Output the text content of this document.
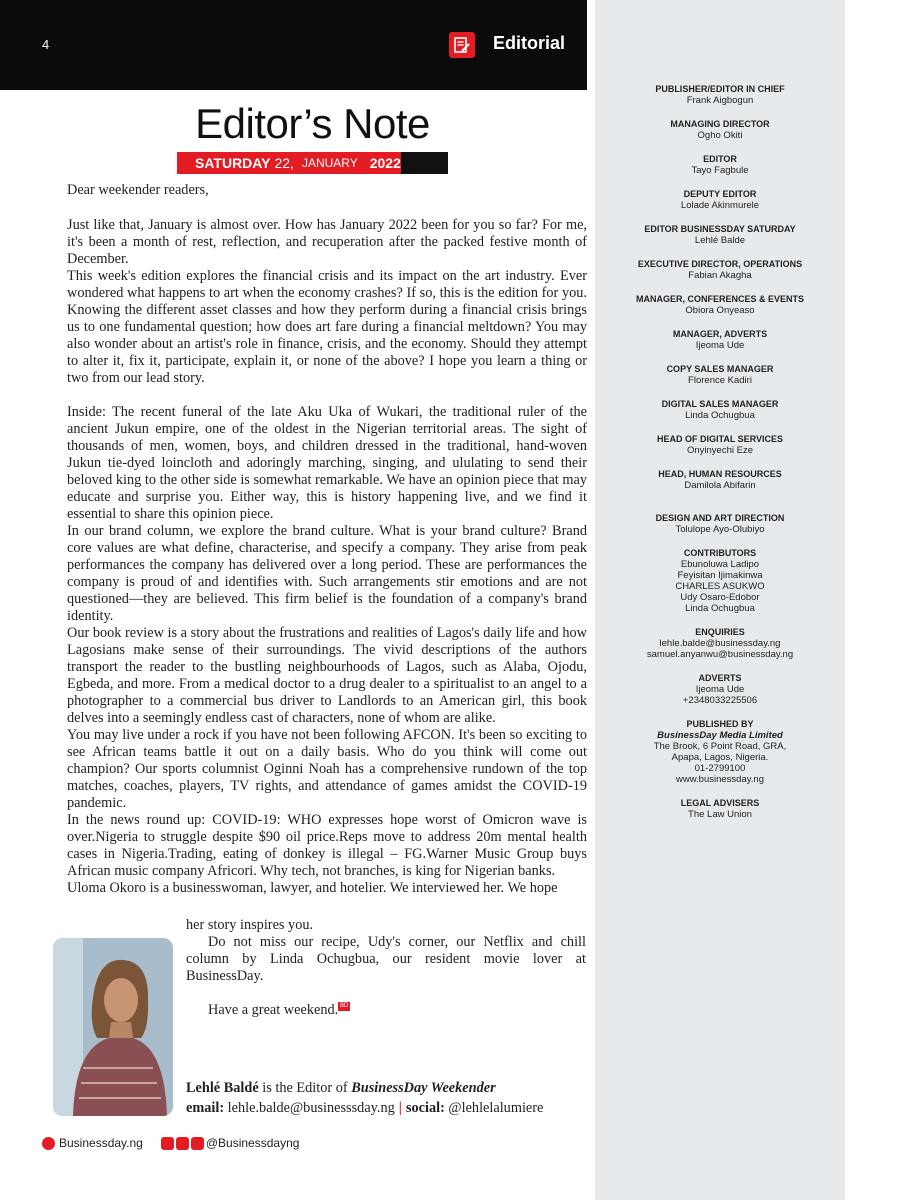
4	Editorial
Editor’s Note
SATURDAY 22, JANUARY 2022

Dear weekender readers,

Just like that, January is almost over. How has January 2022 been for you so far? For me, it's been a month of rest, reflection, and recuperation after the packed festive month of December.

This week's edition explores the financial crisis and its impact on the art industry. Ever wondered what happens to art when the economy crashes? If so, this is the edition for you. Knowing the different asset classes and how they perform during a financial crisis brings us to one fundamental question; how does art fare during a financial meltdown? You may also wonder about an artist's role in finance, crisis, and the economy. Should they attempt to alter it, fix it, participate, explain it, or none of the above? I hope you learn a thing or two from our lead story.

Inside: The recent funeral of the late Aku Uka of Wukari, the traditional ruler of the ancient Jukun empire, one of the oldest in the Nigerian territorial areas. The sight of thousands of men, women, boys, and children dressed in the traditional, hand-woven Jukun tie-dyed loincloth and adoringly marching, singing, and ululating to send their beloved king to the other side is somewhat remarkable. We have an opinion piece that may educate and surprise you. Either way, this is history happening live, and we find it essential to share this opinion piece.

In our brand column, we explore the brand culture. What is your brand culture? Brand core values are what define, characterise, and specify a company. They arise from peak performances the company has delivered over a long period. These are performances the company is proud of and identifies with. Such arrangements stir emotions and are not questioned—they are believed. This firm belief is the foundation of a company's brand identity.

Our book review is a story about the frustrations and realities of Lagos's daily life and how Lagosians make sense of their surroundings. The vivid descriptions of the authors transport the reader to the bustling neighbourhoods of Lagos, such as Alaba, Ojodu, Egbeda, and more. From a medical doctor to a drug dealer to a spiritualist to an angel to a photographer to a commercial bus driver to Landlords to an American girl, this book delves into a seemingly endless cast of characters, none of whom are alike.

You may live under a rock if you have not been following AFCON. It's been so exciting to see African teams battle it out on a daily basis. Who do you think will come out champion? Our sports columnist Oginni Noah has a comprehensive rundown of the top matches, coaches, players, TV rights, and attendance of games amidst the COVID-19 pandemic.

In the news round up: COVID-19: WHO expresses hope worst of Omicron wave is over.Nigeria to struggle despite $90 oil price.Reps move to address 20m mental health cases in Nigeria.Trading, eating of donkey is illegal – FG.Warner Music Group buys African music company Africori. Why tech, not branches, is king for Nigerian banks.

Uloma Okoro is a businesswoman, lawyer, and hotelier. We interviewed her. We hope

her story inspires you.

Do not miss our recipe, Udy's corner, our Netflix and chill column by Linda Ochugbua, our resident movie lover at BusinessDay.

Have a great weekend. BD

Lehlé Baldé is the Editor of BusinessDay Weekender
email: lehle.balde@businesssday.ng | social: @lehlelalumiere
Businessday.ng	@Businessdayng
PUBLISHER/EDITOR IN CHIEF
Frank Aigbogun
MANAGING DIRECTOR
Ogho Okiti
EDITOR
Tayo Fagbule
DEPUTY EDITOR
Lolade Akinmurele
EDITOR BUSINESSDAY SATURDAY
Lehlé Balde
EXECUTIVE DIRECTOR, OPERATIONS
Fabian Akagha
MANAGER, CONFERENCES & EVENTS
Obiora Onyeaso
MANAGER, ADVERTS
Ijeoma Ude
COPY SALES MANAGER
Florence Kadiri
DIGITAL SALES MANAGER
Linda Ochugbua
HEAD OF DIGITAL SERVICES
Onyinyechi Eze
HEAD, HUMAN RESOURCES
Damilola Abifarin
DESIGN AND ART DIRECTION
Tolulope Ayo-Olubiyo
CONTRIBUTORS
Ebunoluwa Ladipo
Feyisitan Ijimakinwa
CHARLES ASUKWO
Udy Osaro-Edobor
Linda Ochugbua
ENQUIRIES
lehle.balde@businessday.ng
samuel.anyanwu@businessday.ng
ADVERTS
Ijeoma Ude
+2348033225506
PUBLISHED BY
BusinessDay Media Limited
The Brook, 6 Point Road, GRA,
Apapa, Lagos, Nigeria.
01-2799100
www.businessday.ng
LEGAL ADVISERS
The Law Union
